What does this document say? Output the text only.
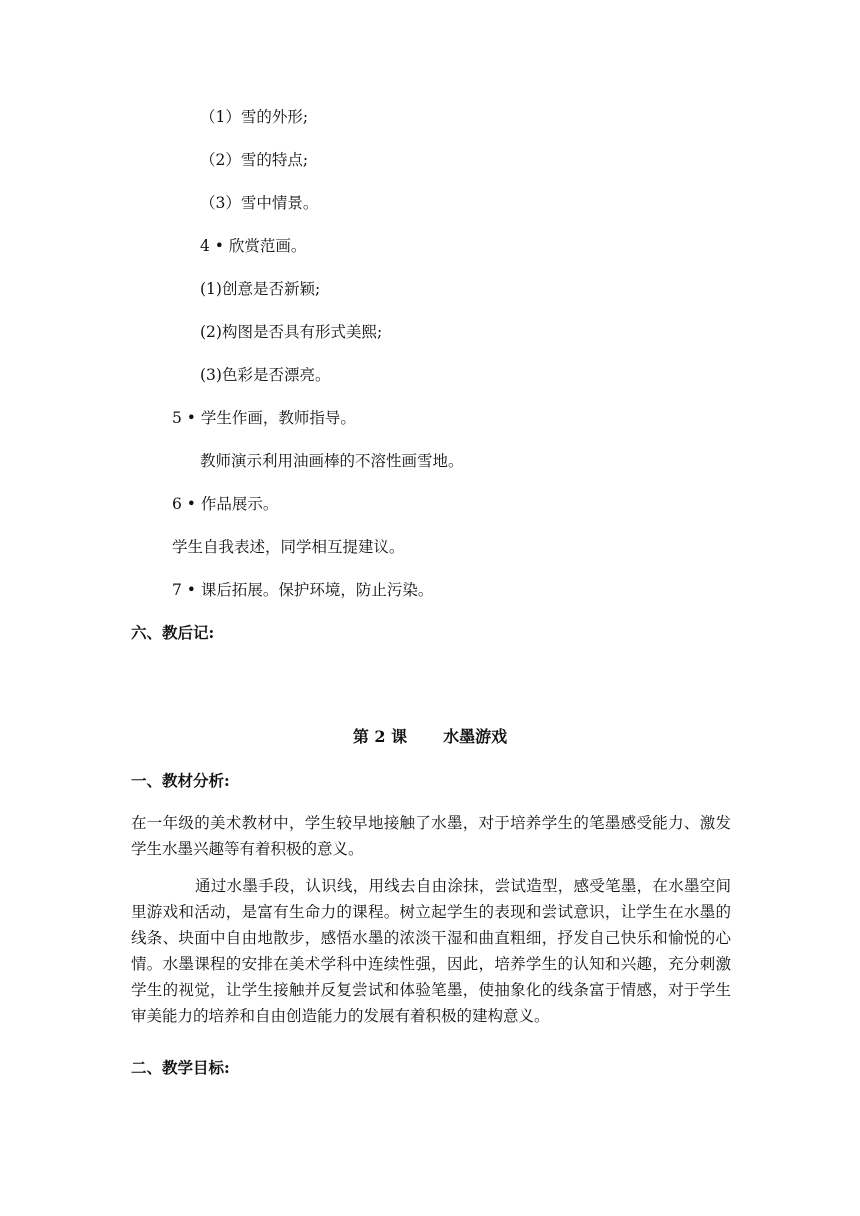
（1）雪的外形;
（2）雪的特点;
（3）雪中情景。
4 • 欣赏范画。
(1)创意是否新颖;
(2)构图是否具有形式美熙;
(3)色彩是否漂亮。
5 • 学生作画，教师指导。
教师演示利用油画棒的不溶性画雪地。
6 • 作品展示。
学生自我表述，同学相互提建议。
7 • 课后拓展。保护环境，防止污染。
六、教后记:
第 2 课 水墨游戏
一、教材分析:
在一年级的美术教材中，学生较早地接触了水墨，对于培养学生的笔墨感受能力、激发学生水墨兴趣等有着积极的意义。
通过水墨手段，认识线，用线去自由涂抹，尝试造型，感受笔墨，在水墨空间里游戏和活动，是富有生命力的课程。树立起学生的表现和尝试意识，让学生在水墨的线条、块面中自由地散步，感悟水墨的浓淡干湿和曲直粗细，抒发自己快乐和愉悦的心情。水墨课程的安排在美术学科中连续性强，因此，培养学生的认知和兴趣，充分刺激学生的视觉，让学生接触并反复尝试和体验笔墨，使抽象化的线条富于情感，对于学生审美能力的培养和自由创造能力的发展有着积极的建构意义。
二、教学目标:
